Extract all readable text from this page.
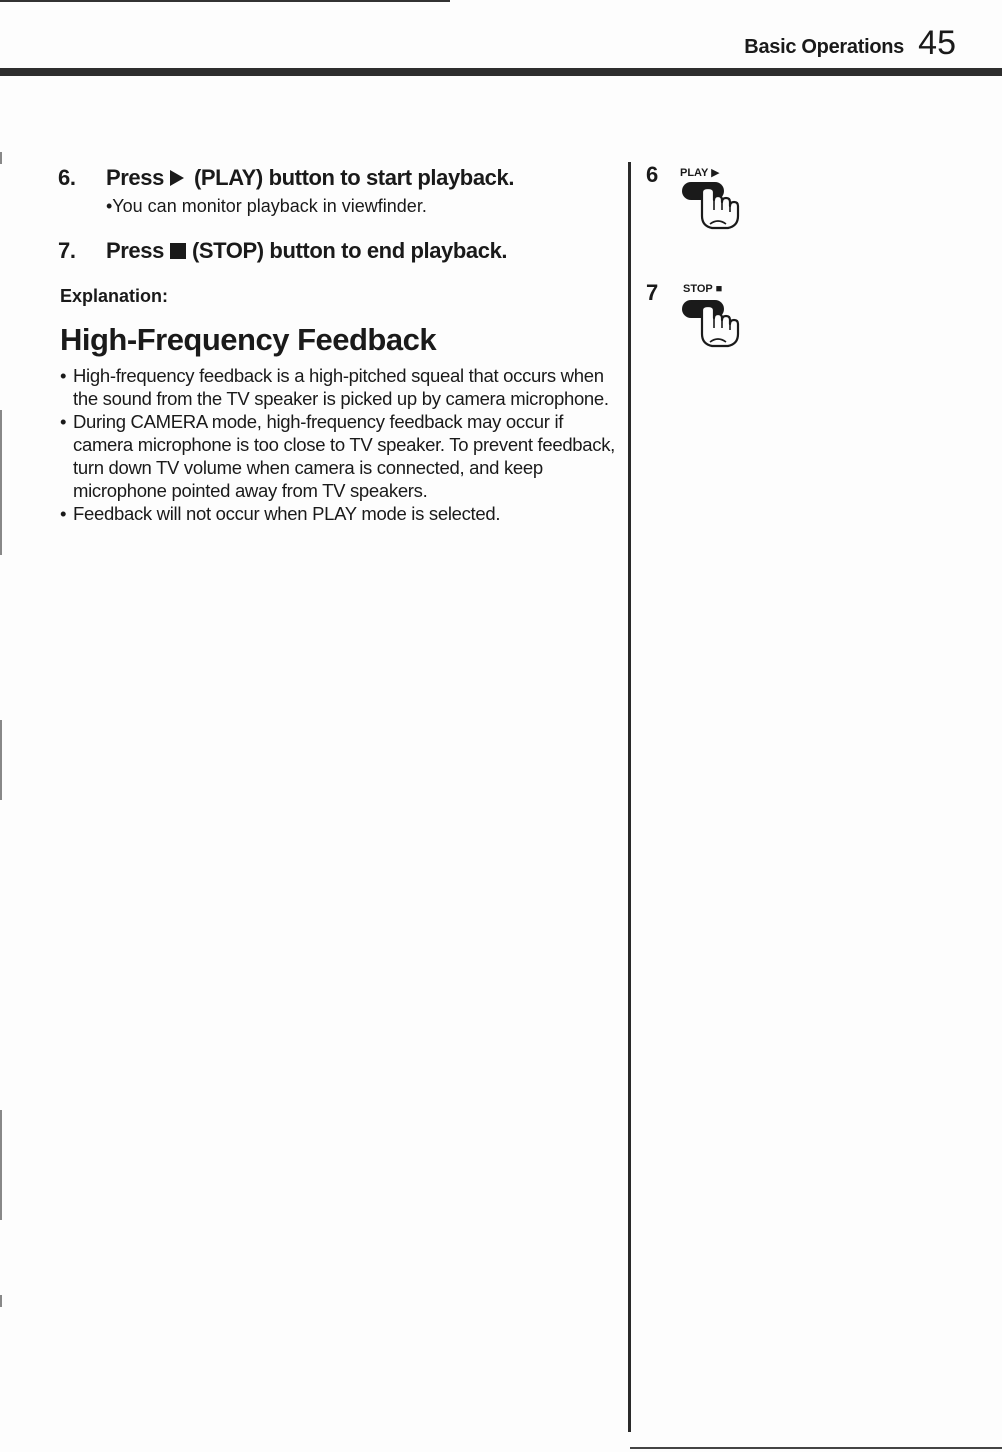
Basic Operations 45
6. Press (PLAY) button to start playback.
•You can monitor playback in viewfinder.
7. Press (STOP) button to end playback.
Explanation:
High-Frequency Feedback
• High-frequency feedback is a high-pitched squeal that occurs when the sound from the TV speaker is picked up by camera microphone.
• During CAMERA mode, high-frequency feedback may occur if camera microphone is too close to TV speaker. To prevent feedback, turn down TV volume when camera is connected, and keep microphone pointed away from TV speakers.
• Feedback will not occur when PLAY mode is selected.
6 PLAY ▶
7 STOP ■
